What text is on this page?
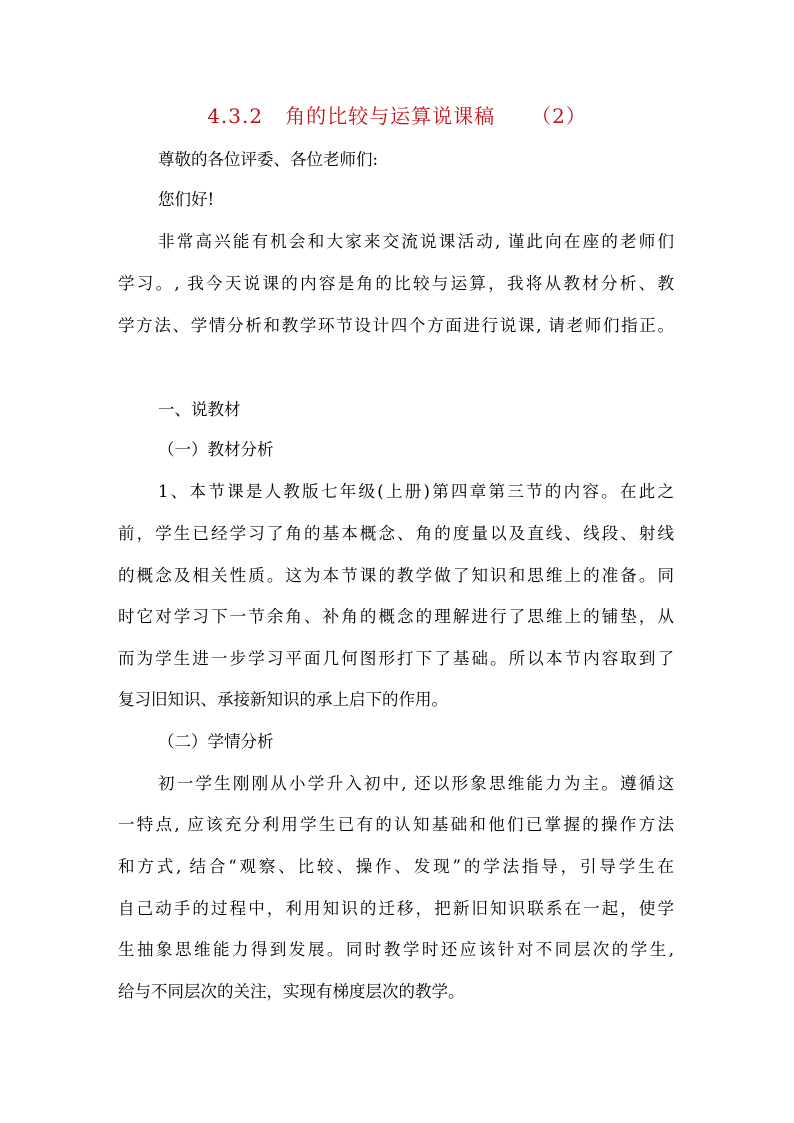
4.3.2 角的比较与运算说课稿 （2）
尊敬的各位评委、各位老师们:
您们好!
非常高兴能有机会和大家来交流说课活动, 谨此向在座的老师们
学习。, 我今天说课的内容是角的比较与运算，我将从教材分析、教
学方法、学情分析和教学环节设计四个方面进行说课, 请老师们指正。
一、说教材
（一）教材分析
1、本节课是人教版七年级(上册)第四章第三节的内容。在此之
前，学生已经学习了角的基本概念、角的度量以及直线、线段、射线
的概念及相关性质。这为本节课的教学做了知识和思维上的准备。同
时它对学习下一节余角、补角的概念的理解进行了思维上的铺垫，从
而为学生进一步学习平面几何图形打下了基础。所以本节内容取到了
复习旧知识、承接新知识的承上启下的作用。
（二）学情分析
初一学生刚刚从小学升入初中, 还以形象思维能力为主。遵循这
一特点, 应该充分利用学生已有的认知基础和他们已掌握的操作方法
和方式, 结合“观察、比较、操作、发现”的学法指导，引导学生在
自己动手的过程中，利用知识的迁移，把新旧知识联系在一起，使学
生抽象思维能力得到发展。同时教学时还应该针对不同层次的学生,
给与不同层次的关注，实现有梯度层次的教学。
